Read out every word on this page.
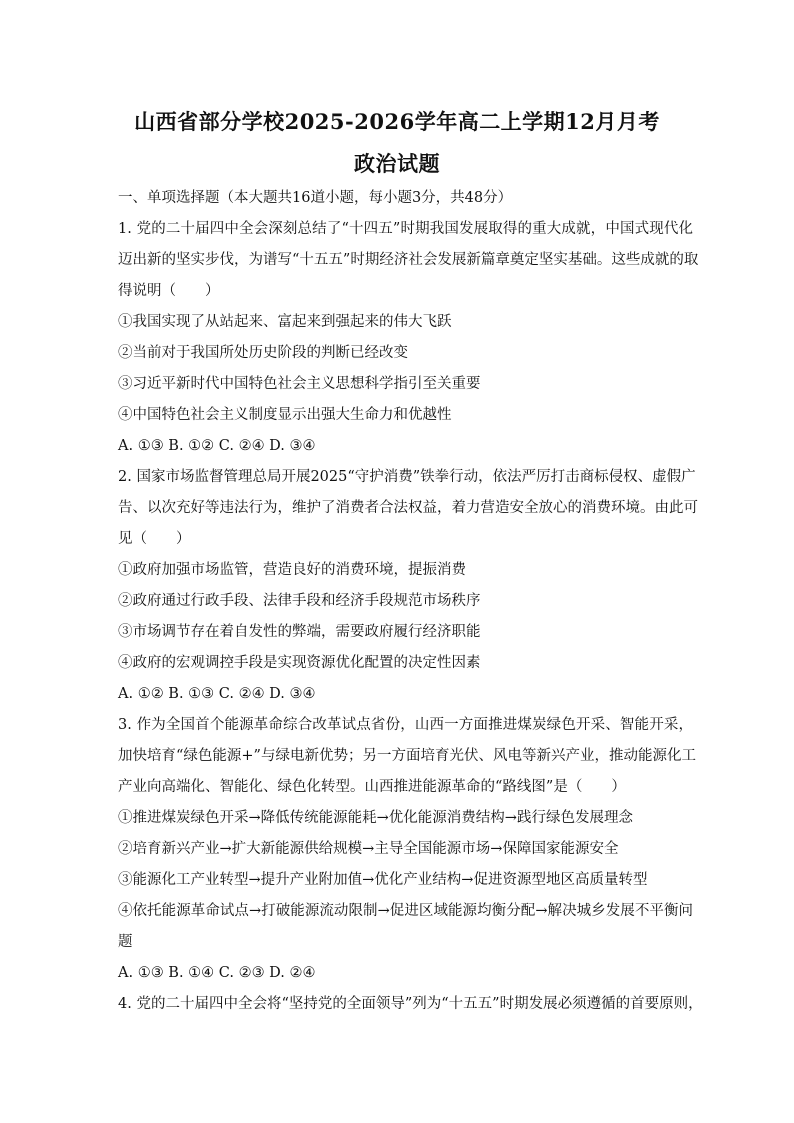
山西省部分学校2025-2026学年高二上学期12月月考
政治试题
一、单项选择题（本大题共16道小题，每小题3分，共48分）
1. 党的二十届四中全会深刻总结了“十四五”时期我国发展取得的重大成就，中国式现代化
迈出新的坚实步伐，为谱写“十五五”时期经济社会发展新篇章奠定坚实基础。这些成就的取
得说明（　　）
①我国实现了从站起来、富起来到强起来的伟大飞跃
②当前对于我国所处历史阶段的判断已经改变
③习近平新时代中国特色社会主义思想科学指引至关重要
④中国特色社会主义制度显示出强大生命力和优越性
A. ①③ B. ①② C. ②④ D. ③④
2. 国家市场监督管理总局开展2025“守护消费”铁拳行动，依法严厉打击商标侵权、虚假广
告、以次充好等违法行为，维护了消费者合法权益，着力营造安全放心的消费环境。由此可
见（　　）
①政府加强市场监管，营造良好的消费环境，提振消费
②政府通过行政手段、法律手段和经济手段规范市场秩序
③市场调节存在着自发性的弊端，需要政府履行经济职能
④政府的宏观调控手段是实现资源优化配置的决定性因素
A. ①② B. ①③ C. ②④ D. ③④
3. 作为全国首个能源革命综合改革试点省份，山西一方面推进煤炭绿色开采、智能开采，
加快培育“绿色能源+”与绿电新优势；另一方面培育光伏、风电等新兴产业，推动能源化工
产业向高端化、智能化、绿色化转型。山西推进能源革命的“路线图”是（　　）
①推进煤炭绿色开采→降低传统能源能耗→优化能源消费结构→践行绿色发展理念
②培育新兴产业→扩大新能源供给规模→主导全国能源市场→保障国家能源安全
③能源化工产业转型→提升产业附加值→优化产业结构→促进资源型地区高质量转型
④依托能源革命试点→打破能源流动限制→促进区域能源均衡分配→解决城乡发展不平衡问
题
A. ①③ B. ①④ C. ②③ D. ②④
4. 党的二十届四中全会将“坚持党的全面领导”列为“十五五”时期发展必须遵循的首要原则，
